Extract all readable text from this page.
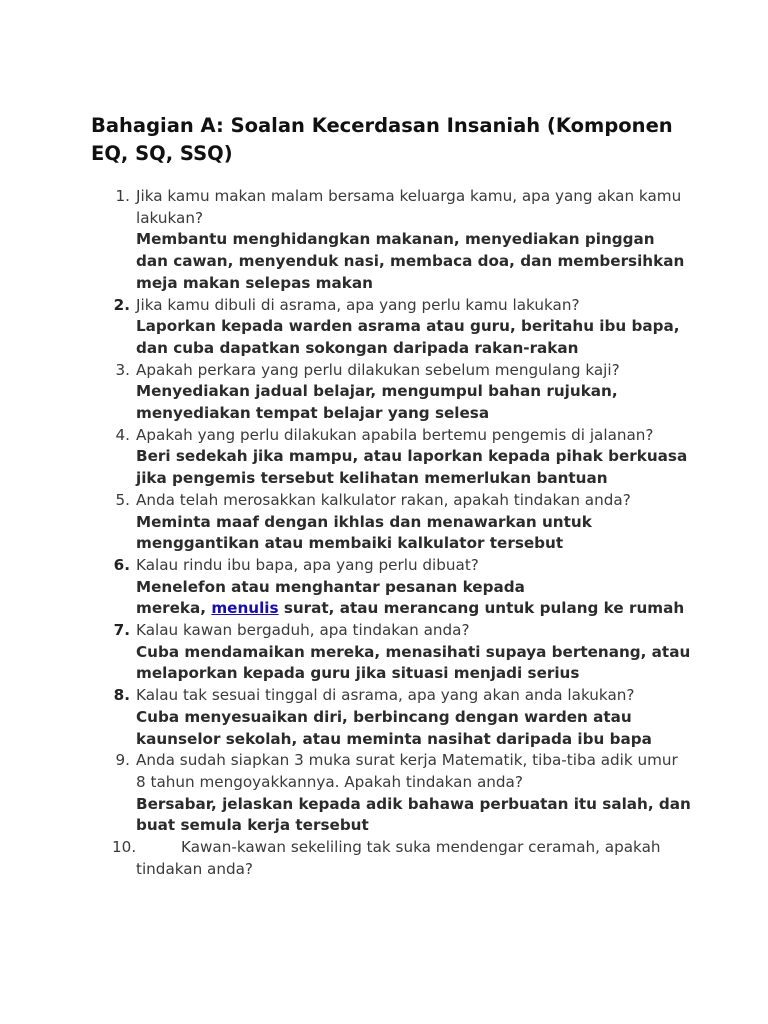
Bahagian A: Soalan Kecerdasan Insaniah (Komponen EQ, SQ, SSQ)
1. Jika kamu makan malam bersama keluarga kamu, apa yang akan kamu lakukan?
Membantu menghidangkan makanan, menyediakan pinggan dan cawan, menyenduk nasi, membaca doa, dan membersihkan meja makan selepas makan
2. Jika kamu dibuli di asrama, apa yang perlu kamu lakukan?
Laporkan kepada warden asrama atau guru, beritahu ibu bapa, dan cuba dapatkan sokongan daripada rakan-rakan
3. Apakah perkara yang perlu dilakukan sebelum mengulang kaji?
Menyediakan jadual belajar, mengumpul bahan rujukan, menyediakan tempat belajar yang selesa
4. Apakah yang perlu dilakukan apabila bertemu pengemis di jalanan?
Beri sedekah jika mampu, atau laporkan kepada pihak berkuasa jika pengemis tersebut kelihatan memerlukan bantuan
5. Anda telah merosakkan kalkulator rakan, apakah tindakan anda?
Meminta maaf dengan ikhlas dan menawarkan untuk menggantikan atau membaiki kalkulator tersebut
6. Kalau rindu ibu bapa, apa yang perlu dibuat?
Menelefon atau menghantar pesanan kepada
mereka, menulis surat, atau merancang untuk pulang ke rumah
7. Kalau kawan bergaduh, apa tindakan anda?
Cuba mendamaikan mereka, menasihati supaya bertenang, atau melaporkan kepada guru jika situasi menjadi serius
8. Kalau tak sesuai tinggal di asrama, apa yang akan anda lakukan?
Cuba menyesuaikan diri, berbincang dengan warden atau kaunselor sekolah, atau meminta nasihat daripada ibu bapa
9. Anda sudah siapkan 3 muka surat kerja Matematik, tiba-tiba adik umur 8 tahun mengoyakkannya. Apakah tindakan anda?
Bersabar, jelaskan kepada adik bahawa perbuatan itu salah, dan buat semula kerja tersebut
10.	Kawan-kawan sekeliling tak suka mendengar ceramah, apakah tindakan anda?
